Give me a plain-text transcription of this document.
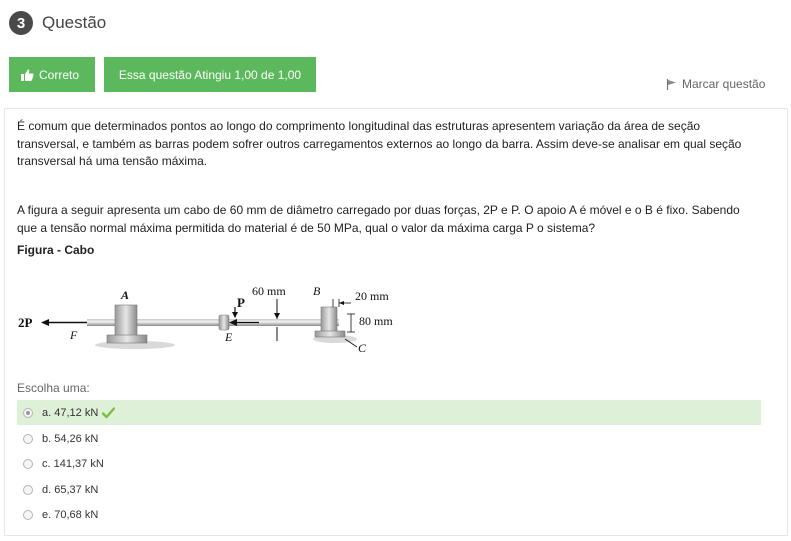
3 Questão
Correto	Essa questão Atingiu 1,00 de 1,00
Marcar questão
É comum que determinados pontos ao longo do comprimento longitudinal das estruturas apresentem variação da área de seção transversal, e também as barras podem sofrer outros carregamentos externos ao longo da barra. Assim deve-se analisar em qual seção transversal há uma tensão máxima.
A figura a seguir apresenta um cabo de 60 mm de diâmetro carregado por duas forças, 2P e P. O apoio A é móvel e o B é fixo. Sabendo que a tensão normal máxima permitida do material é de 50 MPa, qual o valor da máxima carga P o sistema?
Figura - Cabo
2P
A
F
P
E
60 mm B	20 mm
80 mm
C
Escolha uma:
a. 47,12 kN
b. 54,26 kN
c. 141,37 kN
d. 65,37 kN
e. 70,68 kN
